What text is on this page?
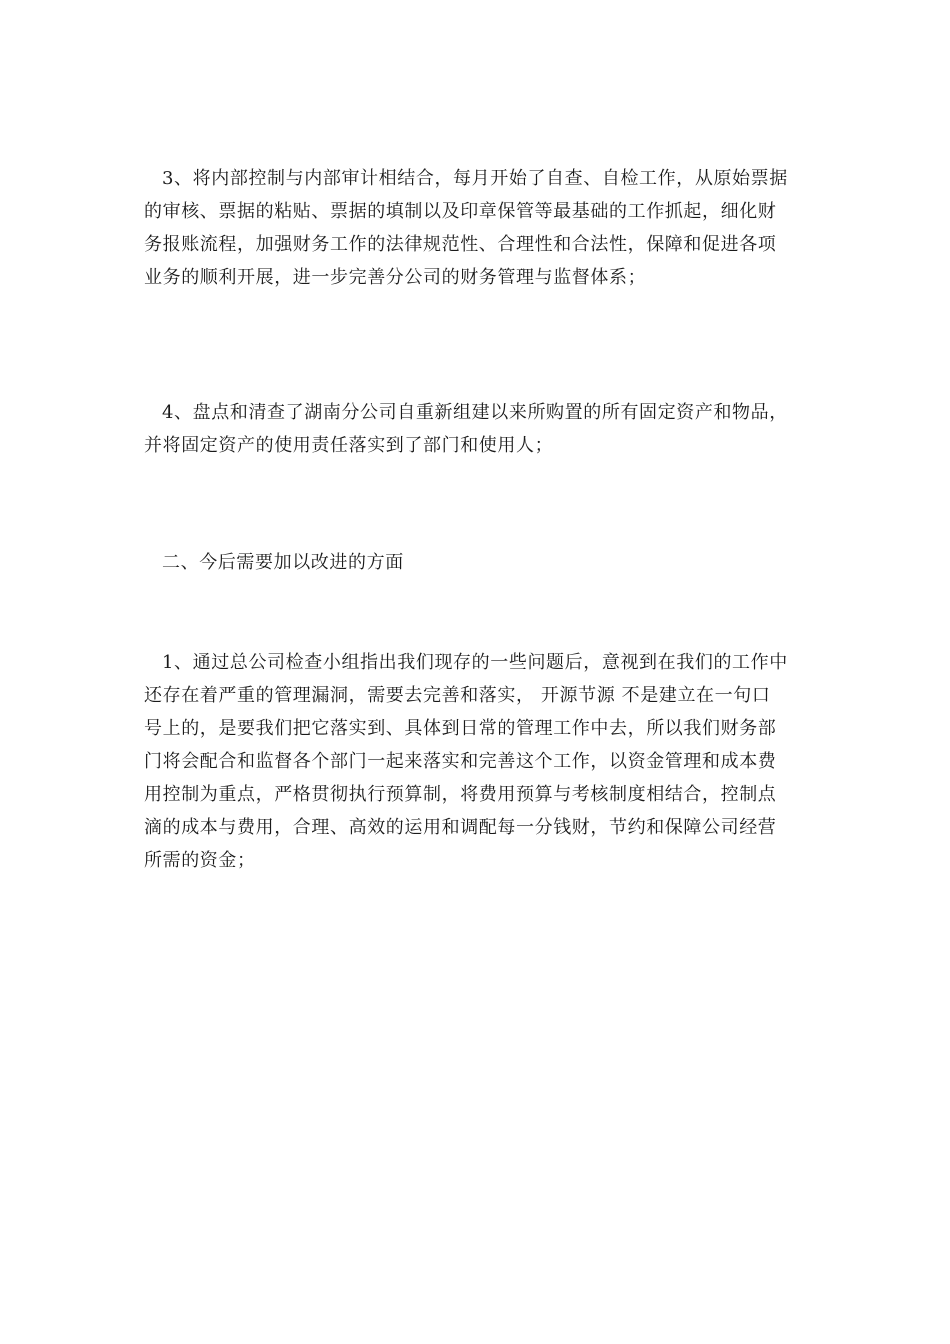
3、将内部控制与内部审计相结合，每月开始了自查、自检工作，从原始票据
的审核、票据的粘贴、票据的填制以及印章保管等最基础的工作抓起，细化财
务报账流程，加强财务工作的法律规范性、合理性和合法性，保障和促进各项
业务的顺利开展，进一步完善分公司的财务管理与监督体系；
4、盘点和清查了湖南分公司自重新组建以来所购置的所有固定资产和物品，
并将固定资产的使用责任落实到了部门和使用人；
二、今后需要加以改进的方面
1、通过总公司检查小组指出我们现存的一些问题后，意视到在我们的工作中
还存在着严重的管理漏洞，需要去完善和落实， 开源节源 不是建立在一句口
号上的，是要我们把它落实到、具体到日常的管理工作中去，所以我们财务部
门将会配合和监督各个部门一起来落实和完善这个工作，以资金管理和成本费
用控制为重点，严格贯彻执行预算制，将费用预算与考核制度相结合，控制点
滴的成本与费用，合理、高效的运用和调配每一分钱财，节约和保障公司经营
所需的资金；
